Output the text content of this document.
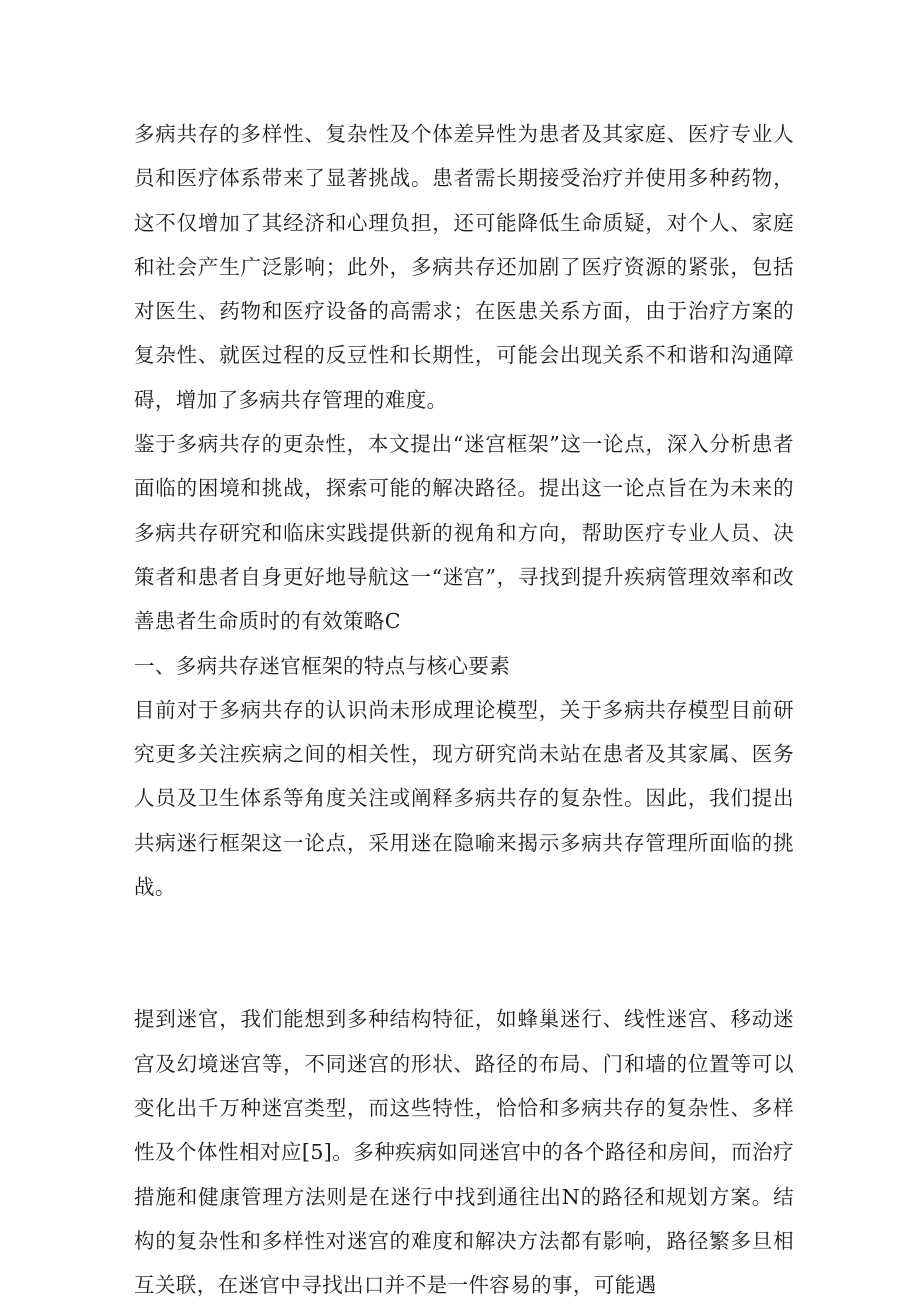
多病共存的多样性、复杂性及个体差异性为患者及其家庭、医疗专业人员和医疗体系带来了显著挑战。患者需长期接受治疗并使用多种药物，这不仅增加了其经济和心理负担，还可能降低生命质疑，对个人、家庭和社会产生广泛影响；此外，多病共存还加剧了医疗资源的紧张，包括对医生、药物和医疗设备的高需求；在医患关系方面，由于治疗方案的复杂性、就医过程的反豆性和长期性，可能会出现关系不和谐和沟通障碍，增加了多病共存管理的难度。

鉴于多病共存的更杂性，本文提出“迷宫框架”这一论点，深入分析患者面临的困境和挑战，探索可能的解决路径。提出这一论点旨在为未来的多病共存研究和临床实践提供新的视角和方向，帮助医疗专业人员、决策者和患者自身更好地导航这一“迷宫”，寻找到提升疾病管理效率和改善患者生命质时的有效策略C

一、多病共存迷官框架的特点与核心要素

目前对于多病共存的认识尚未形成理论模型，关于多病共存模型目前研究更多关注疾病之间的相关性，现方研究尚未站在患者及其家属、医务人员及卫生体系等角度关注或阐释多病共存的复杂性。因此，我们提出共病迷行框架这一论点，采用迷在隐喻来揭示多病共存管理所面临的挑战。

提到迷官，我们能想到多种结构特征，如蜂巢迷行、线性迷宫、移动迷宫及幻境迷宫等，不同迷宫的形状、路径的布局、门和墙的位置等可以变化出千万种迷宫类型，而这些特性，恰恰和多病共存的复杂性、多样性及个体性相对应[5]。多种疾病如同迷宫中的各个路径和房间，而治疗措施和健康管理方法则是在迷行中找到通往出N的路径和规划方案。结构的复杂性和多样性对迷宫的难度和解决方法都有影响，路径繁多旦相互关联，在迷官中寻找出口并不是一件容易的事，可能遇
